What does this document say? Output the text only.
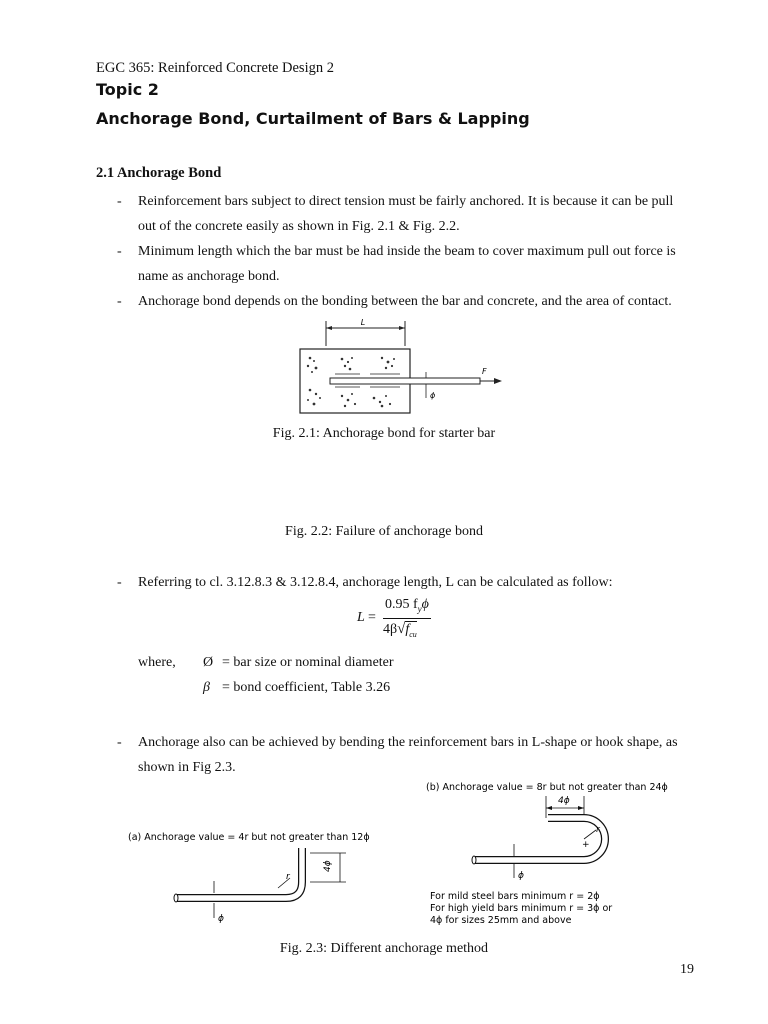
EGC 365: Reinforced Concrete Design 2
Topic 2
Anchorage Bond, Curtailment of Bars & Lapping
2.1 Anchorage Bond
- Reinforcement bars subject to direct tension must be fairly anchored. It is because it can be pull
out of the concrete easily as shown in Fig. 2.1 & Fig. 2.2.
- Minimum length which the bar must be had inside the beam to cover maximum pull out force is
name as anchorage bond.
- Anchorage bond depends on the bonding between the bar and concrete, and the area of contact.
L
F
ϕ
Fig. 2.1: Anchorage bond for starter bar
Fig. 2.2: Failure of anchorage bond
- Referring to cl. 3.12.8.3 & 3.12.8.4, anchorage length, L can be calculated as follow:
L =
0.95 $f_y\phi$
$4\beta√f_{cu}$
where, Ø = bar size or nominal diameter
β = bond coefficient, Table 3.26
- Anchorage also can be achieved by bending the reinforcement bars in L-shape or hook shape, as
shown in Fig 2.3.
(a) Anchorage value = 4r but not greater than 12ϕ
ϕ
r
4ϕ
(b) Anchorage value = 8r but not greater than 24ϕ
4ϕ
+
r
ϕ
For mild steel bars minimum r = 2ϕ
For high yield bars minimum r = 3ϕ or
4ϕ for sizes 25mm and above
Fig. 2.3: Different anchorage method
19
